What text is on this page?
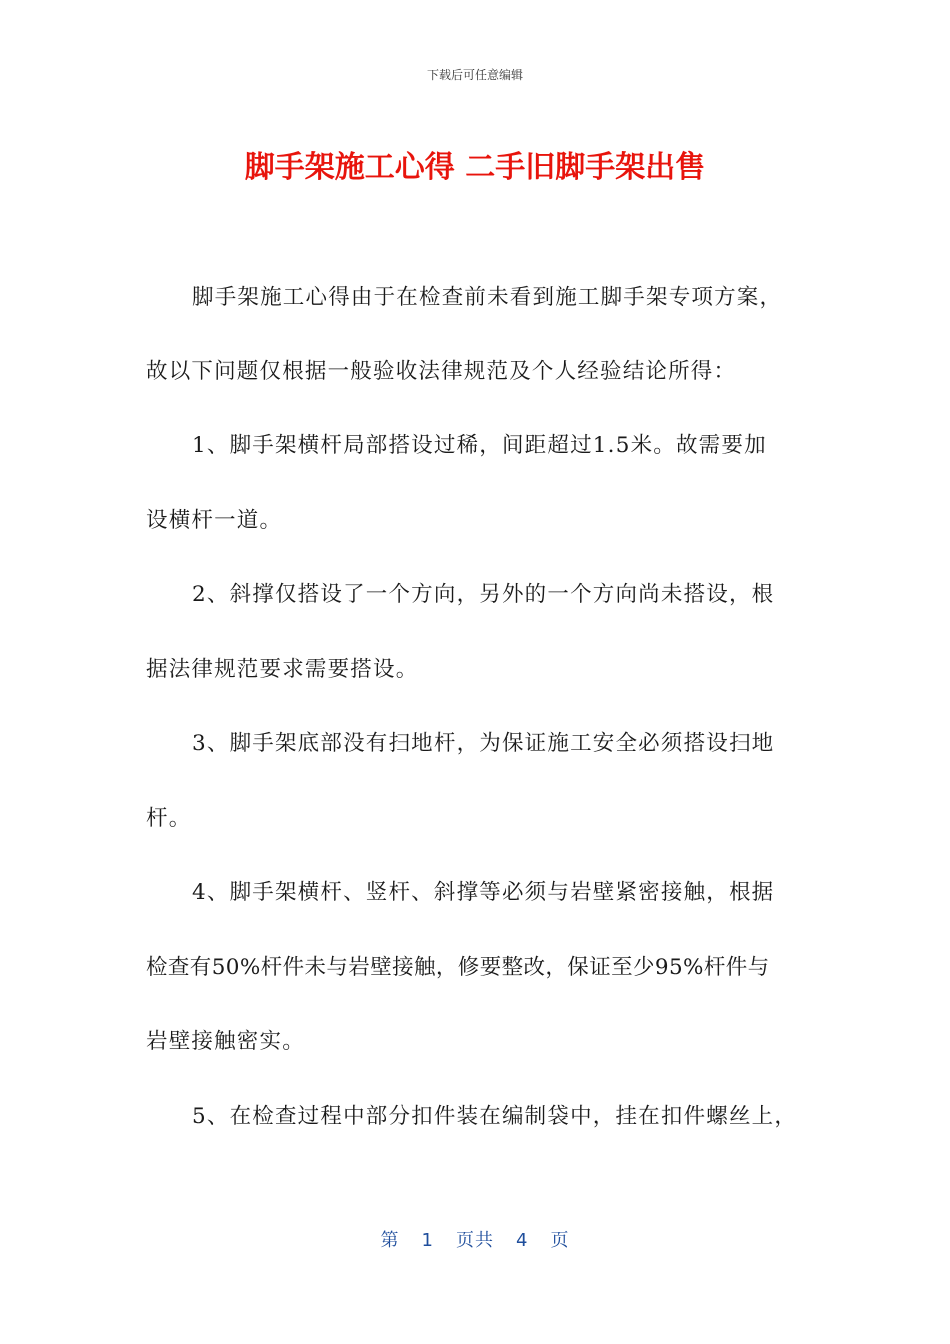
下载后可任意编辑
脚手架施工心得 二手旧脚手架出售
脚手架施工心得由于在检查前未看到施工脚手架专项方案，
故以下问题仅根据一般验收法律规范及个人经验结论所得：
1、脚手架横杆局部搭设过稀，间距超过1.5米。故需要加
设横杆一道。
2、斜撑仅搭设了一个方向，另外的一个方向尚未搭设，根
据法律规范要求需要搭设。
3、脚手架底部没有扫地杆，为保证施工安全必须搭设扫地
杆。
4、脚手架横杆、竖杆、斜撑等必须与岩壁紧密接触，根据
检查有50%杆件未与岩壁接触，修要整改，保证至少95%杆件与
岩壁接触密实。
5、在检查过程中部分扣件装在编制袋中，挂在扣件螺丝上，
第 1 页共 4 页
